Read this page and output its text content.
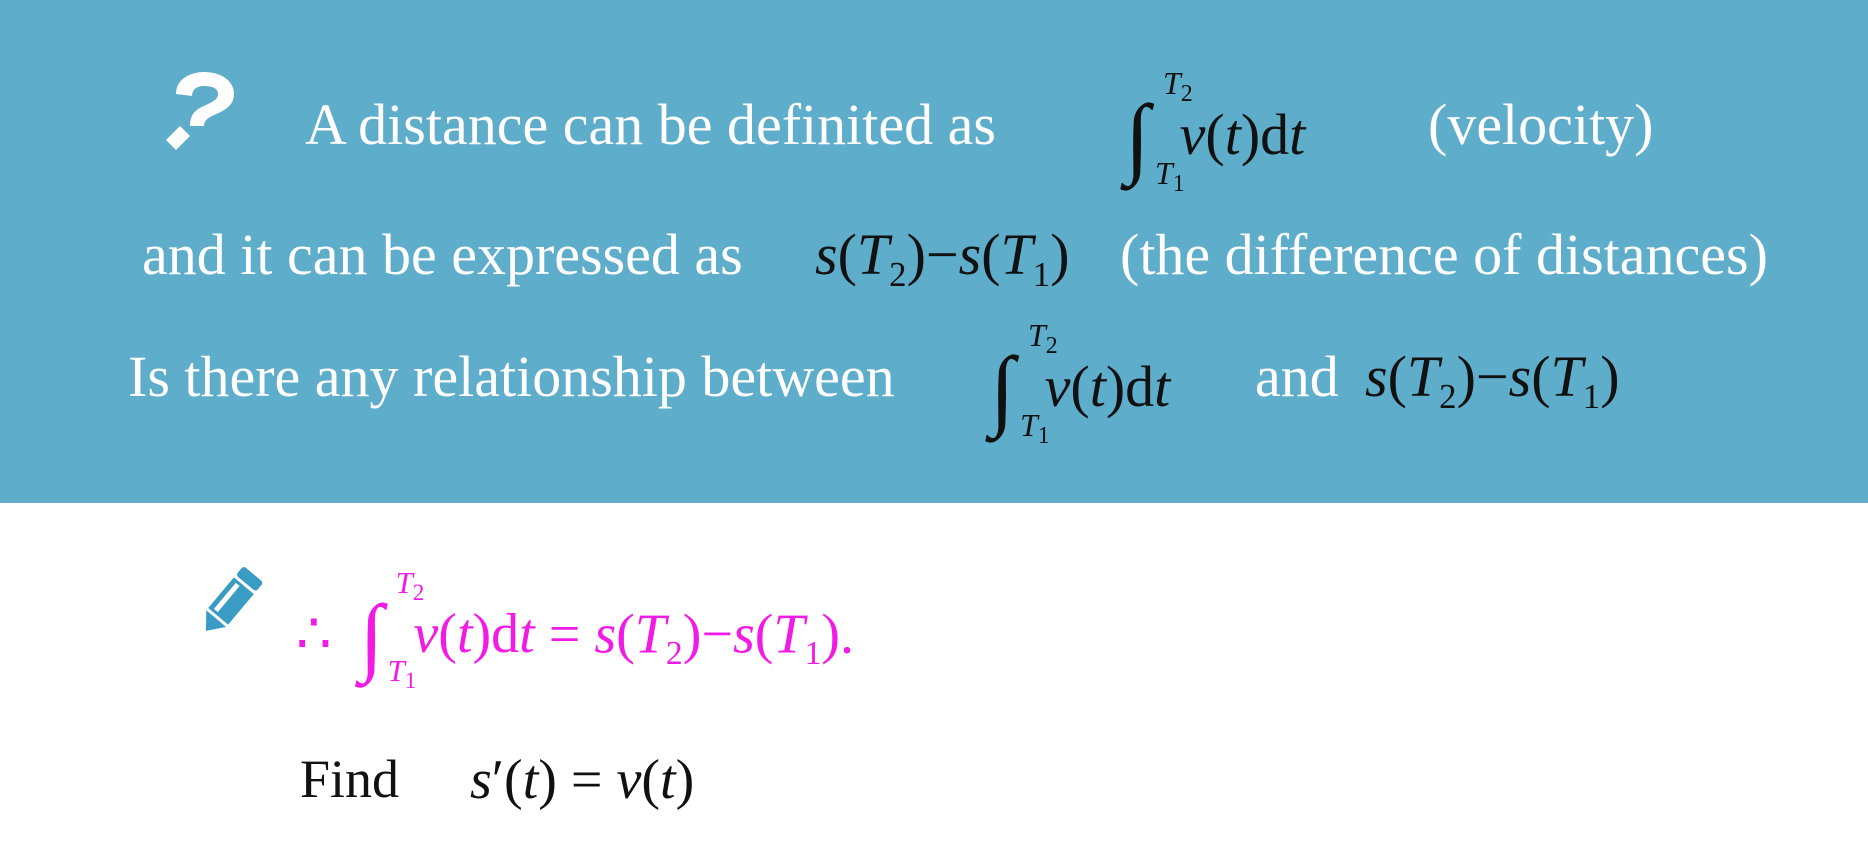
A distance can be definited as ∫
$T_2$
$T_1$
v(t)dt (velocity)
and it can be expressed as $s(T_2)-s(T_1)$ (the difference of distances)
Is there any relationship between ∫
$T_2$
$T_1$
v(t)dt and $s(T_2)-s(T_1)$
∴ ∫
$T_2$
$T_1$
$v(t)dt = s(T_2)-s(T_1)$.
Find s′(t) = v(t)
